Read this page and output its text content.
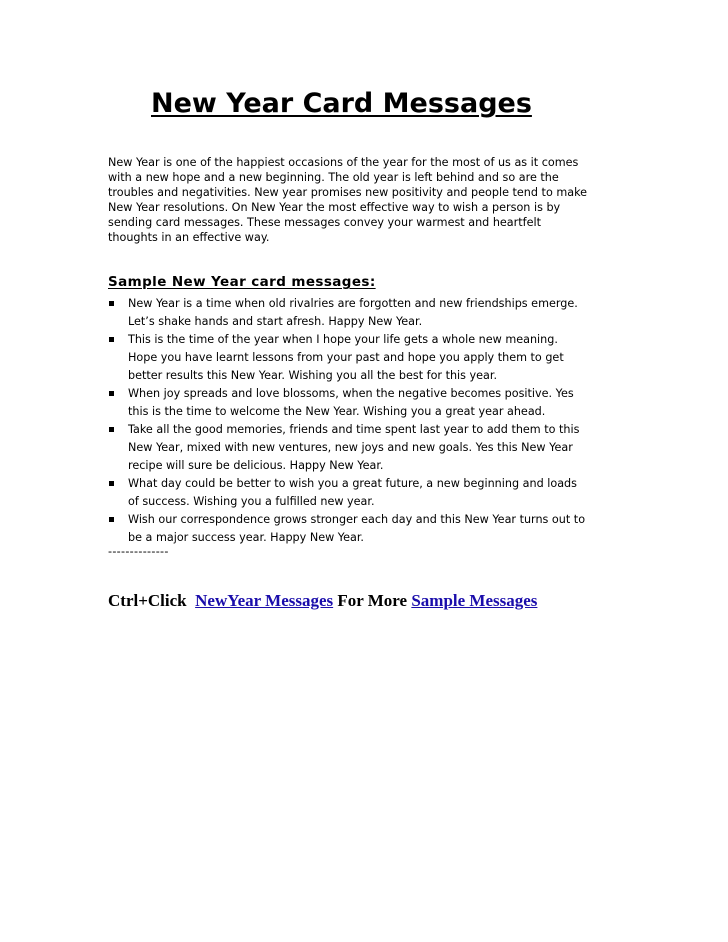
New Year Card Messages
New Year is one of the happiest occasions of the year for the most of us as it comes
with a new hope and a new beginning. The old year is left behind and so are the
troubles and negativities. New year promises new positivity and people tend to make
New Year resolutions. On New Year the most effective way to wish a person is by
sending card messages. These messages convey your warmest and heartfelt
thoughts in an effective way.
Sample New Year card messages:
New Year is a time when old rivalries are forgotten and new friendships emerge.
Let’s shake hands and start afresh. Happy New Year.
This is the time of the year when I hope your life gets a whole new meaning.
Hope you have learnt lessons from your past and hope you apply them to get
better results this New Year. Wishing you all the best for this year.
When joy spreads and love blossoms, when the negative becomes positive. Yes
this is the time to welcome the New Year. Wishing you a great year ahead.
Take all the good memories, friends and time spent last year to add them to this
New Year, mixed with new ventures, new joys and new goals. Yes this New Year
recipe will sure be delicious. Happy New Year.
What day could be better to wish you a great future, a new beginning and loads
of success. Wishing you a fulfilled new year.
Wish our correspondence grows stronger each day and this New Year turns out to
be a major success year. Happy New Year.
--------------
Ctrl+Click NewYear Messages For More Sample Messages
